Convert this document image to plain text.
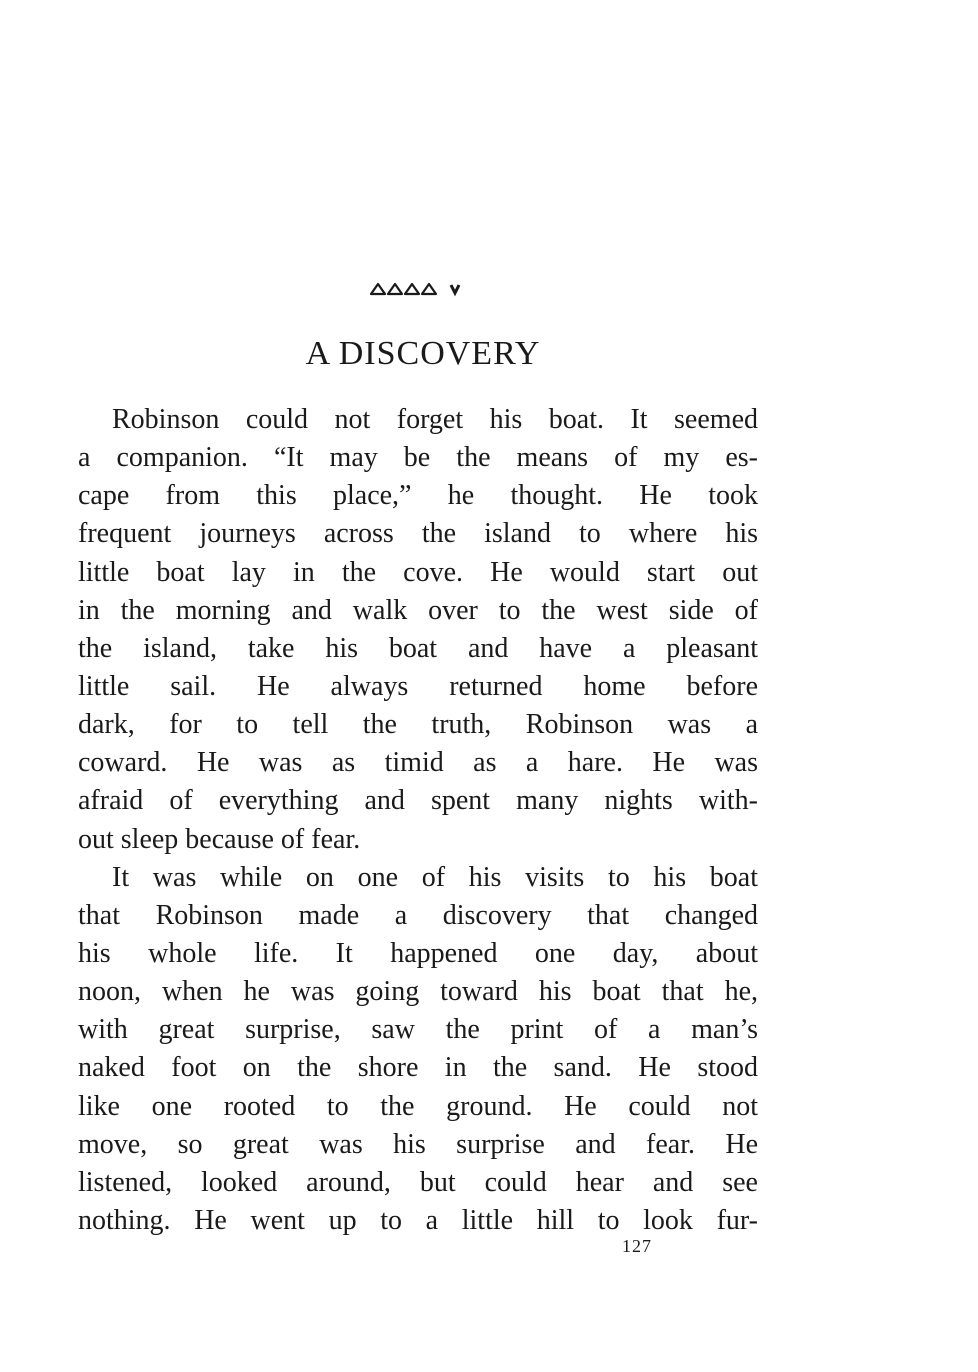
A DISCOVERY
Robinson could not forget his boat. It seemed
a companion. “It may be the means of my es-
cape from this place,” he thought. He took
frequent journeys across the island to where his
little boat lay in the cove. He would start out
in the morning and walk over to the west side of
the island, take his boat and have a pleasant
little sail. He always returned home before
dark, for to tell the truth, Robinson was a
coward. He was as timid as a hare. He was
afraid of everything and spent many nights with-
out sleep because of fear.
It was while on one of his visits to his boat
that Robinson made a discovery that changed
his whole life. It happened one day, about
noon, when he was going toward his boat that he,
with great surprise, saw the print of a man’s
naked foot on the shore in the sand. He stood
like one rooted to the ground. He could not
move, so great was his surprise and fear. He
listened, looked around, but could hear and see
nothing. He went up to a little hill to look fur-
127
